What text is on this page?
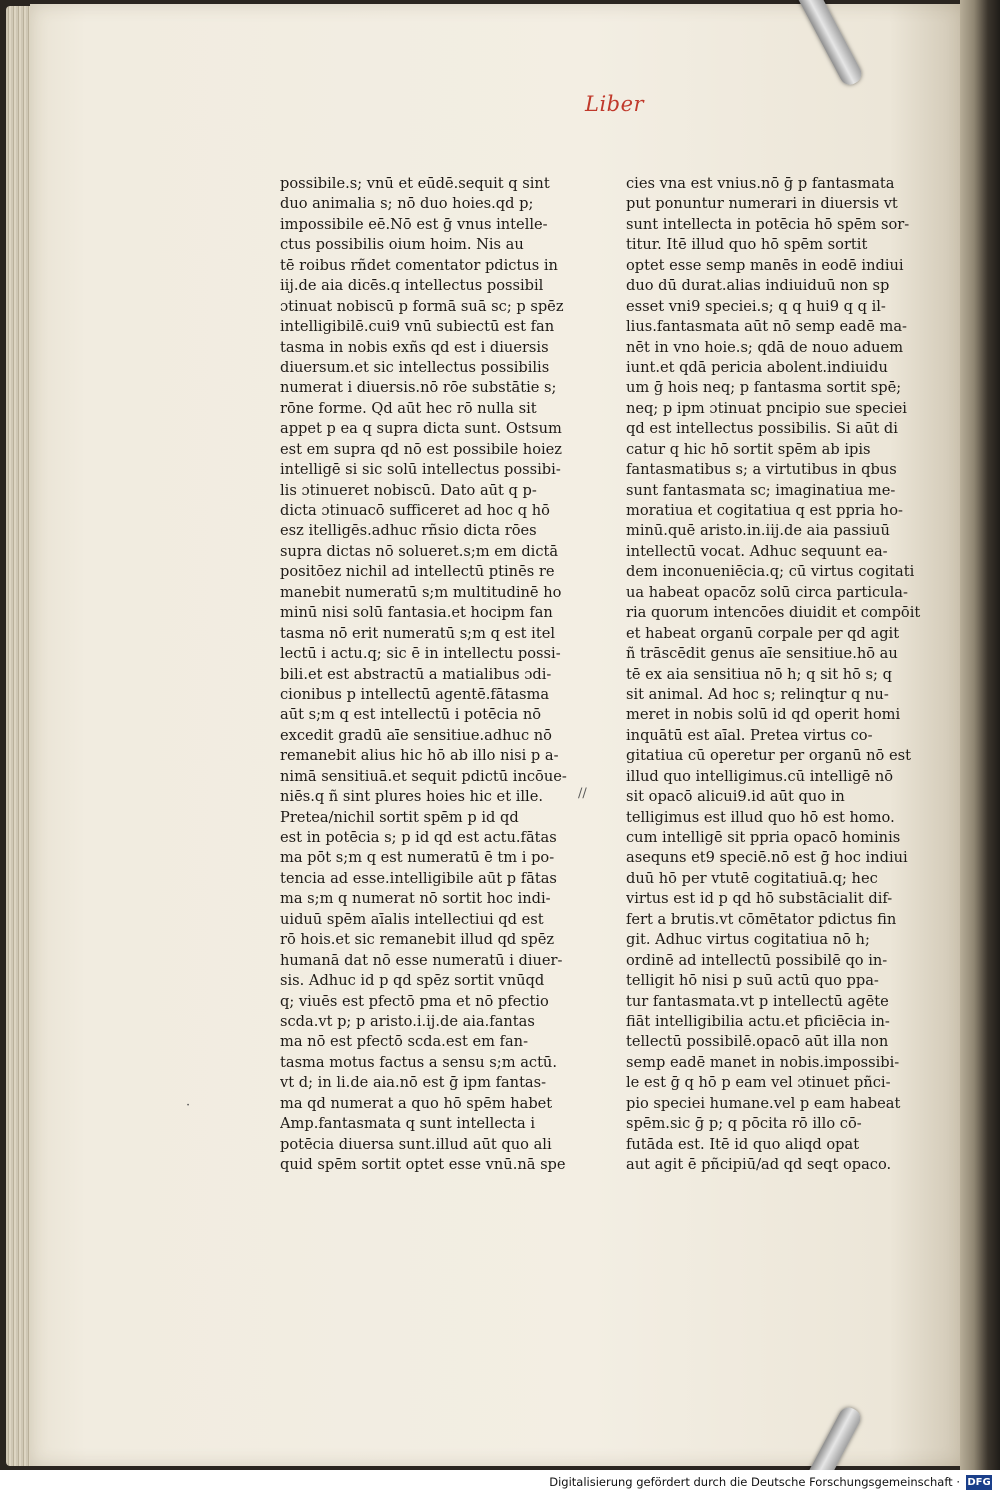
Liber
possibile.s; vnū et eūdē.sequit q sint
duo animalia s; nō duo hoies.qd p;
impossibile eē.Nō est ḡ vnus intelle-
ctus possibilis oium hoim. Nis au
tē roibus rñdet comentator pdictus in
iij.de aia dicēs.q intellectus possibil
ɔtinuat nobiscū p formā suā sc; p spēz
intelligibilē.cui9 vnū subiectū est fan
tasma in nobis exñs qd est i diuersis
diuersum.et sic intellectus possibilis
numerat i diuersis.nō rōe substātie s;
rōne forme. Qd aūt hec rō nulla sit
appet p ea q supra dicta sunt. Ostsum
est em supra qd nō est possibile hoiez
intelligē si sic solū intellectus possibi-
lis ɔtinueret nobiscū. Dato aūt q p-
dicta ɔtinuacō sufficeret ad hoc q hō
esz itelligēs.adhuc rñsio dicta rōes
supra dictas nō solueret.s;m em dictā
positōez nichil ad intellectū ptinēs re
manebit numeratū s;m multitudinē ho
minū nisi solū fantasia.et hocipm fan
tasma nō erit numeratū s;m q est itel
lectū i actu.q; sic ē in intellectu possi-
bili.et est abstractū a matialibus ɔdi-
cionibus p intellectū agentē.fātasma
aūt s;m q est intellectū i potēcia nō
excedit gradū aīe sensitiue.adhuc nō
remanebit alius hic hō ab illo nisi p a-
nimā sensitiuā.et sequit pdictū incōue-
niēs.q ñ sint plures hoies hic et ille.
Pretea/nichil sortit spēm p id qd
est in potēcia s; p id qd est actu.fātas
ma pōt s;m q est numeratū ē tm i po-
tencia ad esse.intelligibile aūt p fātas
ma s;m q numerat nō sortit hoc indi-
uiduū spēm aīalis intellectiui qd est
rō hois.et sic remanebit illud qd spēz
humanā dat nō esse numeratū i diuer-
sis. Adhuc id p qd spēz sortit vnūqd
q; viuēs est pfectō pma et nō pfectio
scda.vt p; p aristo.i.ij.de aia.fantas
ma nō est pfectō scda.est em fan-
tasma motus factus a sensu s;m actū.
vt d; in li.de aia.nō est ḡ ipm fantas-
ma qd numerat a quo hō spēm habet
Amp.fantasmata q sunt intellecta i
potēcia diuersa sunt.illud aūt quo ali
quid spēm sortit optet esse vnū.nā spe
cies vna est vnius.nō ḡ p fantasmata
put ponuntur numerari in diuersis vt
sunt intellecta in potēcia hō spēm sor-
titur. Itē illud quo hō spēm sortit
optet esse semp manēs in eodē indiui
duo dū durat.alias indiuiduū non sp
esset vni9 speciei.s; q q hui9 q q il-
lius.fantasmata aūt nō semp eadē ma-
nēt in vno hoie.s; qdā de nouo aduem
iunt.et qdā pericia abolent.indiuidu
um ḡ hois neq; p fantasma sortit spē;
neq; p ipm ɔtinuat pncipio sue speciei
qd est intellectus possibilis. Si aūt di
catur q hic hō sortit spēm ab ipis
fantasmatibus s; a virtutibus in qbus
sunt fantasmata sc; imaginatiua me-
moratiua et cogitatiua q est ppria ho-
minū.quē aristo.in.iij.de aia passiuū
intellectū vocat. Adhuc sequunt ea-
dem inconueniēcia.q; cū virtus cogitati
ua habeat opacōz solū circa particula-
ria quorum intencōes diuidit et compōit
et habeat organū corpale per qd agit
ñ trāscēdit genus aīe sensitiue.hō au
tē ex aia sensitiua nō h; q sit hō s; q
sit animal. Ad hoc s; relinqtur q nu-
meret in nobis solū id qd operit homi
inquātū est aīal. Pretea virtus co-
gitatiua cū operetur per organū nō est
illud quo intelligimus.cū intelligē nō
sit opacō alicui9.id aūt quo in
telligimus est illud quo hō est homo.
cum intelligē sit ppria opacō hominis
asequns et9 speciē.nō est ḡ hoc indiui
duū hō per vtutē cogitatiuā.q; hec
virtus est id p qd hō substācialit dif-
fert a brutis.vt cōmētator pdictus fin
git. Adhuc virtus cogitatiua nō h;
ordinē ad intellectū possibilē qo in-
telligit hō nisi p suū actū quo ppa-
tur fantasmata.vt p intellectū agēte
fiāt intelligibilia actu.et pficiēcia in-
tellectū possibilē.opacō aūt illa non
semp eadē manet in nobis.impossibi-
le est ḡ q hō p eam vel ɔtinuet pñci-
pio speciei humane.vel p eam habeat
spēm.sic ḡ p; q pōcita rō illo cō-
futāda est. Itē id quo aliqd opat
aut agit ē pñcipiū/ad qd seqt opaco.
·
//
Digitalisierung gefördert durch die Deutsche Forschungsgemeinschaft · DFG
